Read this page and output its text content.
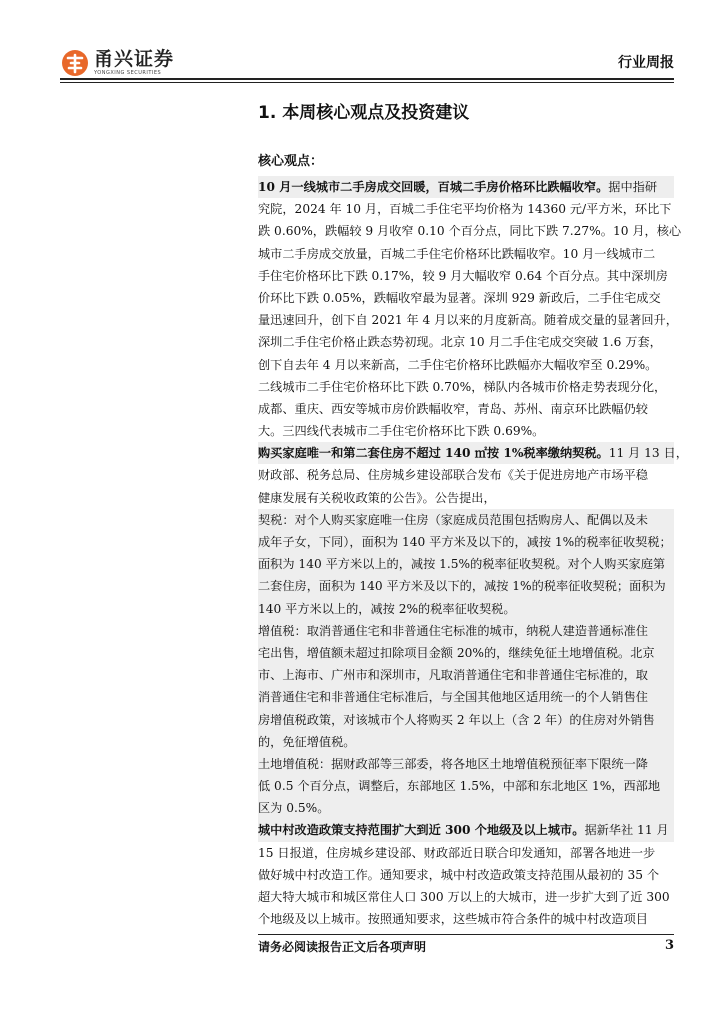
甬兴证券
YONGXING SECURITIES
行业周报
1. 本周核心观点及投资建议
核心观点：
10 月一线城市二手房成交回暖，百城二手房价格环比跌幅收窄。据中指研
究院，2024 年 10 月，百城二手住宅平均价格为 14360 元/平方米，环比下
跌 0.60%，跌幅较 9 月收窄 0.10 个百分点，同比下跌 7.27%。10 月，核心
城市二手房成交放量，百城二手住宅价格环比跌幅收窄。10 月一线城市二
手住宅价格环比下跌 0.17%，较 9 月大幅收窄 0.64 个百分点。其中深圳房
价环比下跌 0.05%，跌幅收窄最为显著。深圳 929 新政后，二手住宅成交
量迅速回升，创下自 2021 年 4 月以来的月度新高。随着成交量的显著回升，
深圳二手住宅价格止跌态势初现。北京 10 月二手住宅成交突破 1.6 万套，
创下自去年 4 月以来新高，二手住宅价格环比跌幅亦大幅收窄至 0.29%。
二线城市二手住宅价格环比下跌 0.70%，梯队内各城市价格走势表现分化，
成都、重庆、西安等城市房价跌幅收窄，青岛、苏州、南京环比跌幅仍较
大。三四线代表城市二手住宅价格环比下跌 0.69%。
购买家庭唯一和第二套住房不超过 140 ㎡按 1%税率缴纳契税。11 月 13 日，
财政部、税务总局、住房城乡建设部联合发布《关于促进房地产市场平稳
健康发展有关税收政策的公告》。公告提出，
契税：对个人购买家庭唯一住房（家庭成员范围包括购房人、配偶以及未
成年子女，下同），面积为 140 平方米及以下的，减按 1%的税率征收契税；
面积为 140 平方米以上的，减按 1.5%的税率征收契税。对个人购买家庭第
二套住房，面积为 140 平方米及以下的，减按 1%的税率征收契税；面积为
140 平方米以上的，减按 2%的税率征收契税。
增值税：取消普通住宅和非普通住宅标准的城市，纳税人建造普通标准住
宅出售，增值额未超过扣除项目金额 20%的，继续免征土地增值税。北京
市、上海市、广州市和深圳市，凡取消普通住宅和非普通住宅标准的，取
消普通住宅和非普通住宅标准后，与全国其他地区适用统一的个人销售住
房增值税政策，对该城市个人将购买 2 年以上（含 2 年）的住房对外销售
的，免征增值税。
土地增值税：据财政部等三部委，将各地区土地增值税预征率下限统一降
低 0.5 个百分点，调整后，东部地区 1.5%，中部和东北地区 1%，西部地
区为 0.5%。
城中村改造政策支持范围扩大到近 300 个地级及以上城市。据新华社 11 月
15 日报道，住房城乡建设部、财政部近日联合印发通知，部署各地进一步
做好城中村改造工作。通知要求，城中村改造政策支持范围从最初的 35 个
超大特大城市和城区常住人口 300 万以上的大城市，进一步扩大到了近 300
个地级及以上城市。按照通知要求，这些城市符合条件的城中村改造项目
请务必阅读报告正文后各项声明	3
